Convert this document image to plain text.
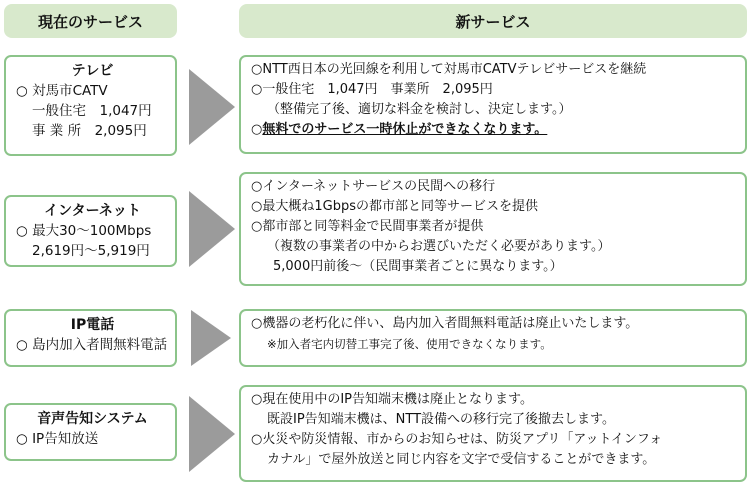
現在のサービス	新サービス
テレビ
○ 対馬市CATV
一般住宅　1,047円
事 業 所　2,095円
○NTT西日本の光回線を利用して対馬市CATVテレビサービスを継続
○一般住宅　1,047円　事業所　2,095円
（整備完了後、適切な料金を検討し、決定します。）
○無料でのサービス一時休止ができなくなります。
インターネット
○ 最大30～100Mbps
2,619円～5,919円
○インターネットサービスの民間への移行
○最大概ね1Gbpsの都市部と同等サービスを提供
○都市部と同等料金で民間事業者が提供
（複数の事業者の中からお選びいただく必要があります。）
5,000円前後～（民間事業者ごとに異なります。）
IP電話
○ 島内加入者間無料電話
○機器の老朽化に伴い、島内加入者間無料電話は廃止いたします。
※加入者宅内切替工事完了後、使用できなくなります。
音声告知システム
○ IP告知放送
○現在使用中のIP告知端末機は廃止となります。
既設IP告知端末機は、NTT設備への移行完了後撤去します。
○火災や防災情報、市からのお知らせは、防災アプリ「アットインフォ
カナル」で屋外放送と同じ内容を文字で受信することができます。
